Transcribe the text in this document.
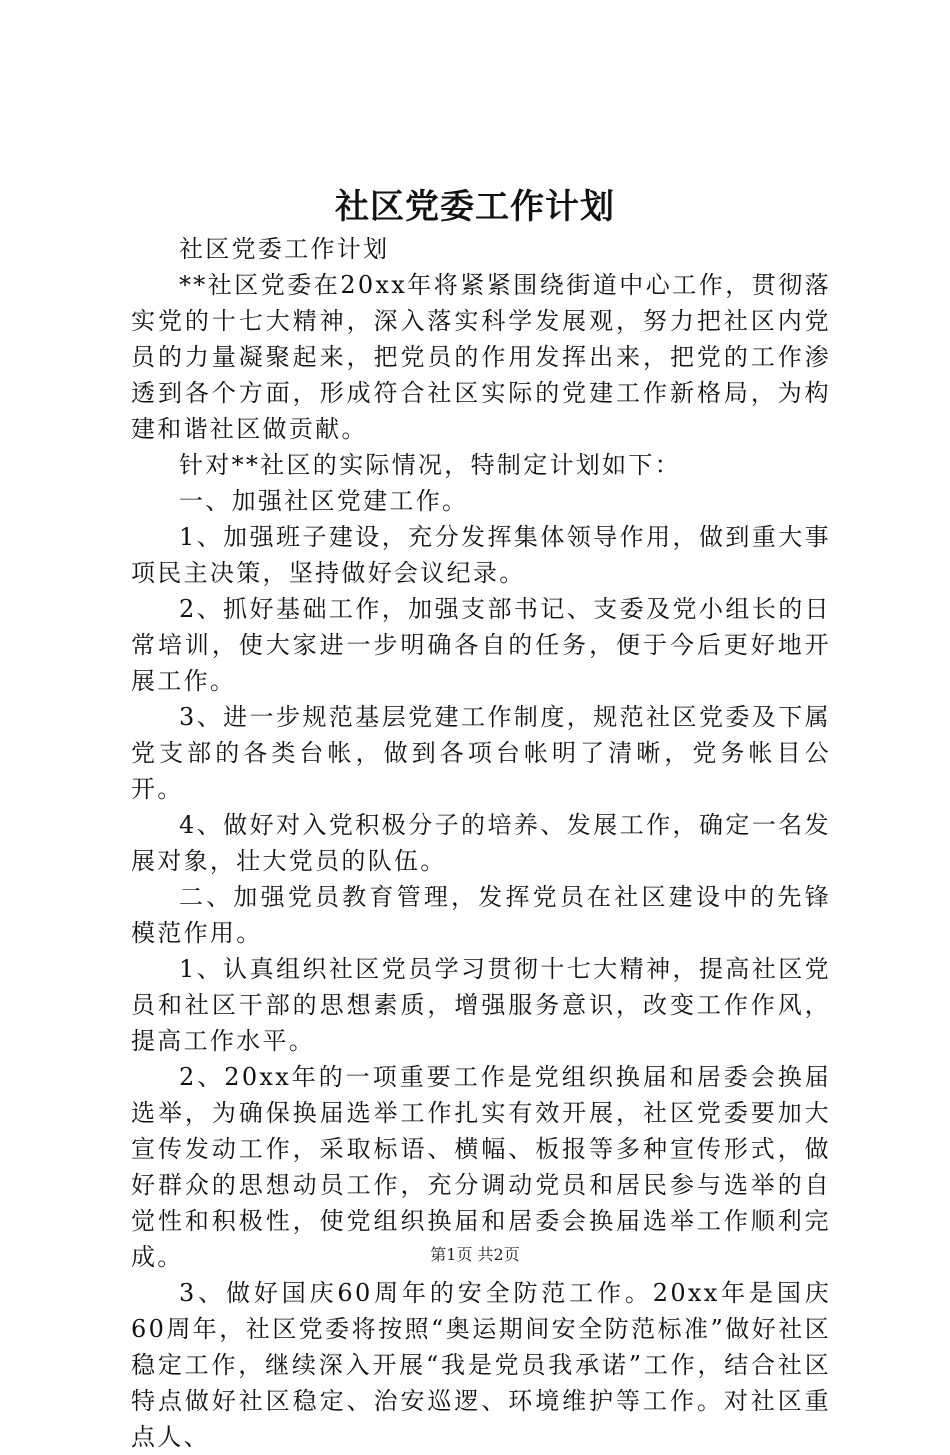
社区党委工作计划

社区党委工作计划

**社区党委在20xx年将紧紧围绕街道中心工作，贯彻落实党的十七大精神，深入落实科学发展观，努力把社区内党员的力量凝聚起来，把党员的作用发挥出来，把党的工作渗透到各个方面，形成符合社区实际的党建工作新格局，为构建和谐社区做贡献。

针对**社区的实际情况，特制定计划如下：

一、加强社区党建工作。

1、加强班子建设，充分发挥集体领导作用，做到重大事项民主决策，坚持做好会议纪录。

2、抓好基础工作，加强支部书记、支委及党小组长的日常培训，使大家进一步明确各自的任务，便于今后更好地开展工作。

3、进一步规范基层党建工作制度，规范社区党委及下属党支部的各类台帐，做到各项台帐明了清晰，党务帐目公开。

4、做好对入党积极分子的培养、发展工作，确定一名发展对象，壮大党员的队伍。

二、加强党员教育管理，发挥党员在社区建设中的先锋模范作用。

1、认真组织社区党员学习贯彻十七大精神，提高社区党员和社区干部的思想素质，增强服务意识，改变工作作风，提高工作水平。

2、20xx年的一项重要工作是党组织换届和居委会换届选举，为确保换届选举工作扎实有效开展，社区党委要加大宣传发动工作，采取标语、横幅、板报等多种宣传形式，做好群众的思想动员工作，充分调动党员和居民参与选举的自觉性和积极性，使党组织换届和居委会换届选举工作顺利完成。

3、做好国庆60周年的安全防范工作。20xx年是国庆60周年，社区党委将按照“奥运期间安全防范标准”做好社区稳定工作，继续深入开展“我是党员我承诺”工作，结合社区特点做好社区稳定、治安巡逻、环境维护等工作。对社区重点人、

第1页 共2页
